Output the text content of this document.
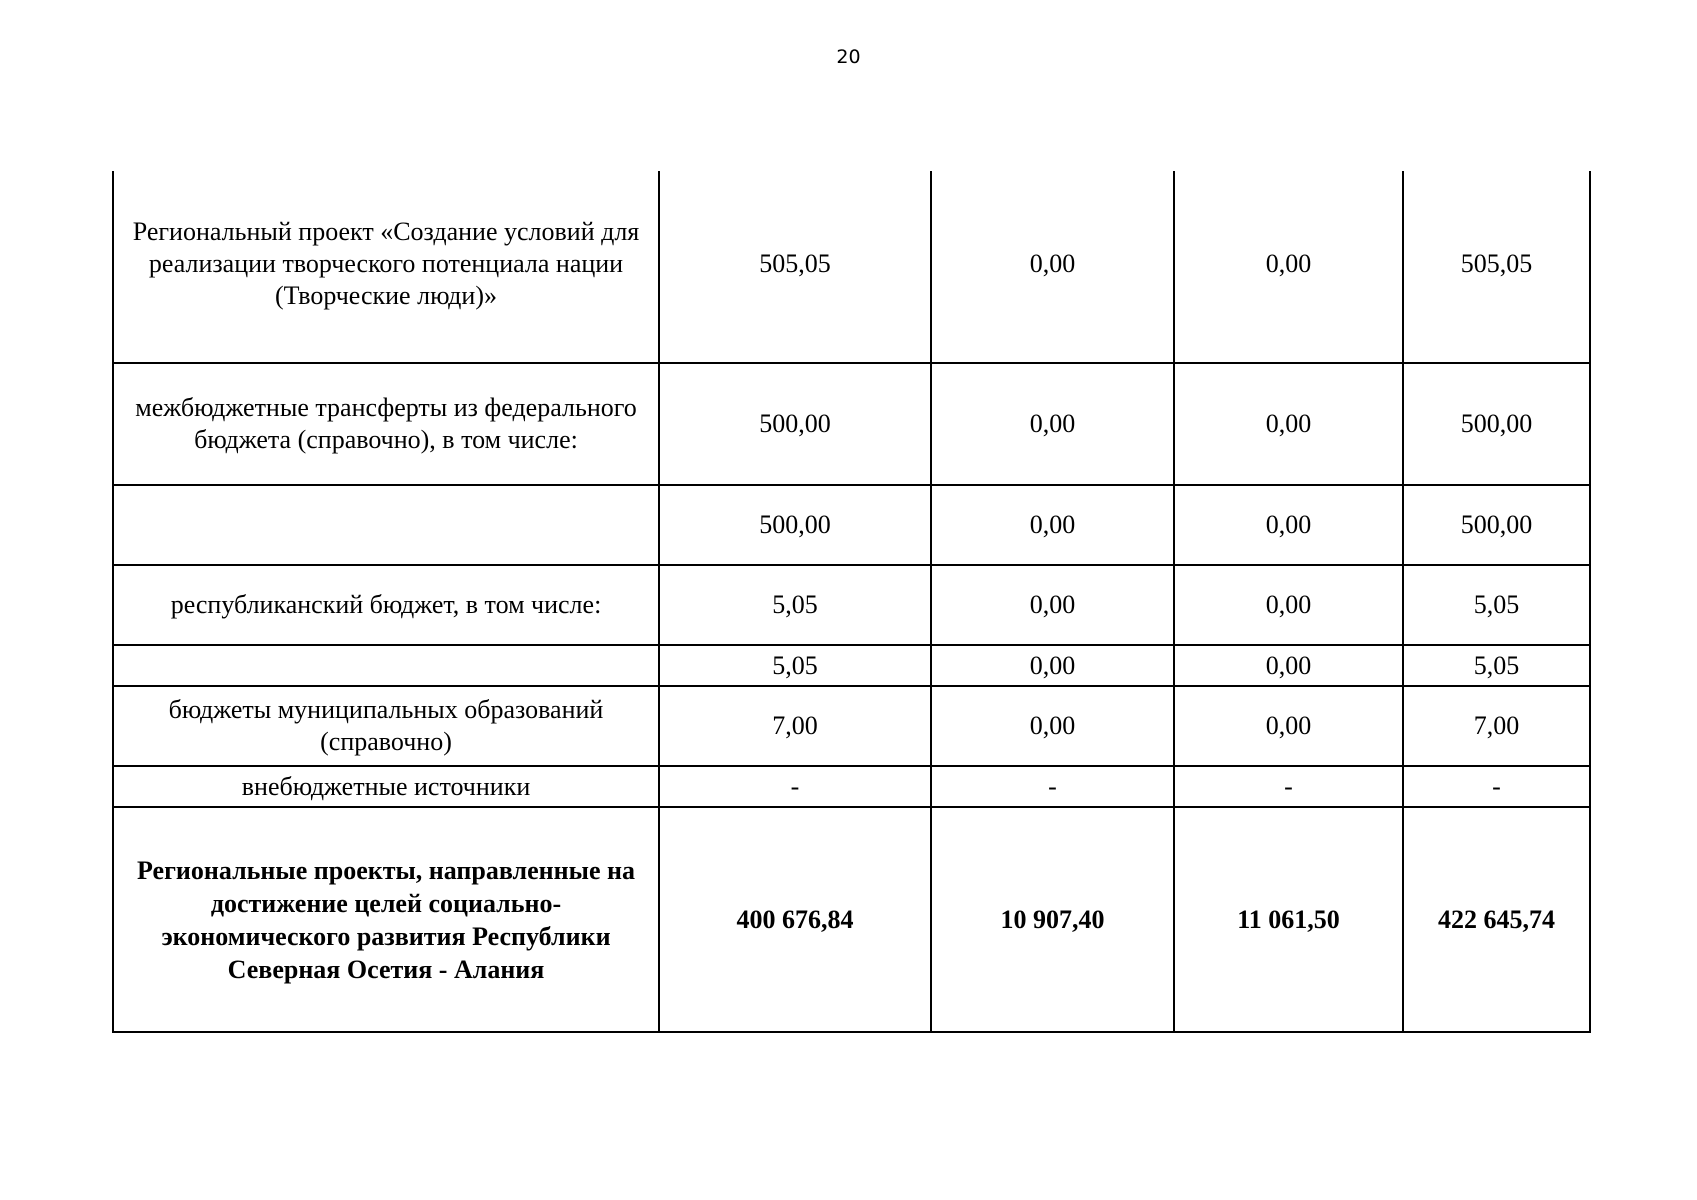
20
Региональный проект «Создание условий для реализации творческого потенциала нации (Творческие люди)»	505,05	0,00	0,00	505,05
межбюджетные трансферты из федерального бюджета (справочно), в том числе:	500,00	0,00	0,00	500,00
	500,00	0,00	0,00	500,00
республиканский бюджет, в том числе:	5,05	0,00	0,00	5,05
	5,05	0,00	0,00	5,05
бюджеты муниципальных образований (справочно)	7,00	0,00	0,00	7,00
внебюджетные источники	-	-	-	-
Региональные проекты, направленные на достижение целей социально-экономического развития Республики Северная Осетия - Алания	400 676,84	10 907,40	11 061,50	422 645,74
